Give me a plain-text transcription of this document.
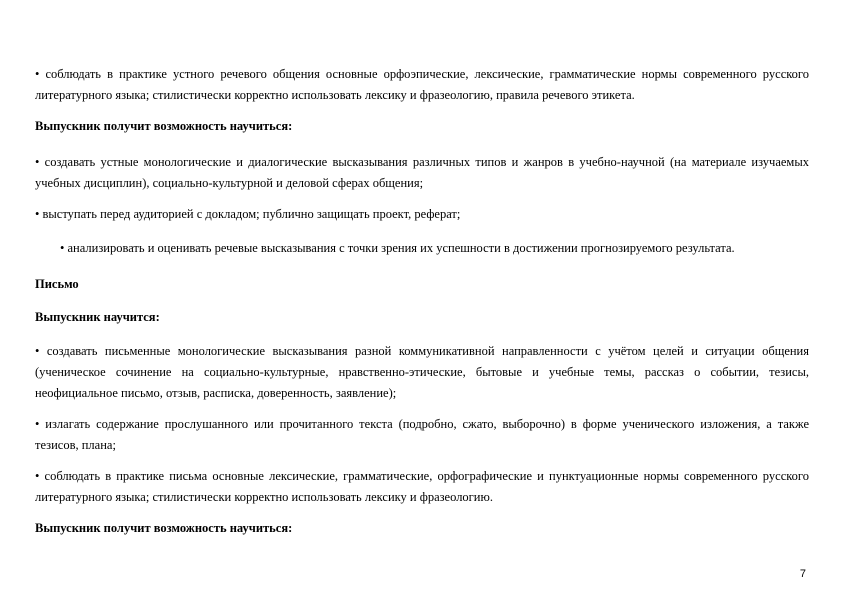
• соблюдать в практике устного речевого общения основные орфоэпические, лексические, грамматические нормы современного русского литературного языка; стилистически корректно использовать лексику и фразеологию, правила речевого этикета.

Выпускник получит возможность научиться:

• создавать устные монологические и диалогические высказывания различных типов и жанров в учебно-научной (на материале изучаемых учебных дисциплин), социально-культурной и деловой сферах общения;

• выступать перед аудиторией с докладом; публично защищать проект, реферат;

• анализировать и оценивать речевые высказывания с точки зрения их успешности в достижении прогнозируемого результата.

Письмо

Выпускник научится:

• создавать письменные монологические высказывания разной коммуникативной направленности с учётом целей и ситуации общения (ученическое сочинение на социально-культурные, нравственно-этические, бытовые и учебные темы, рассказ о событии, тезисы, неофициальное письмо, отзыв, расписка, доверенность, заявление);

• излагать содержание прослушанного или прочитанного текста (подробно, сжато, выборочно) в форме ученического изложения, а также тезисов, плана;

• соблюдать в практике письма основные лексические, грамматические, орфографические и пунктуационные нормы современного русского литературного языка; стилистически корректно использовать лексику и фразеологию.

Выпускник получит возможность научиться:

7
